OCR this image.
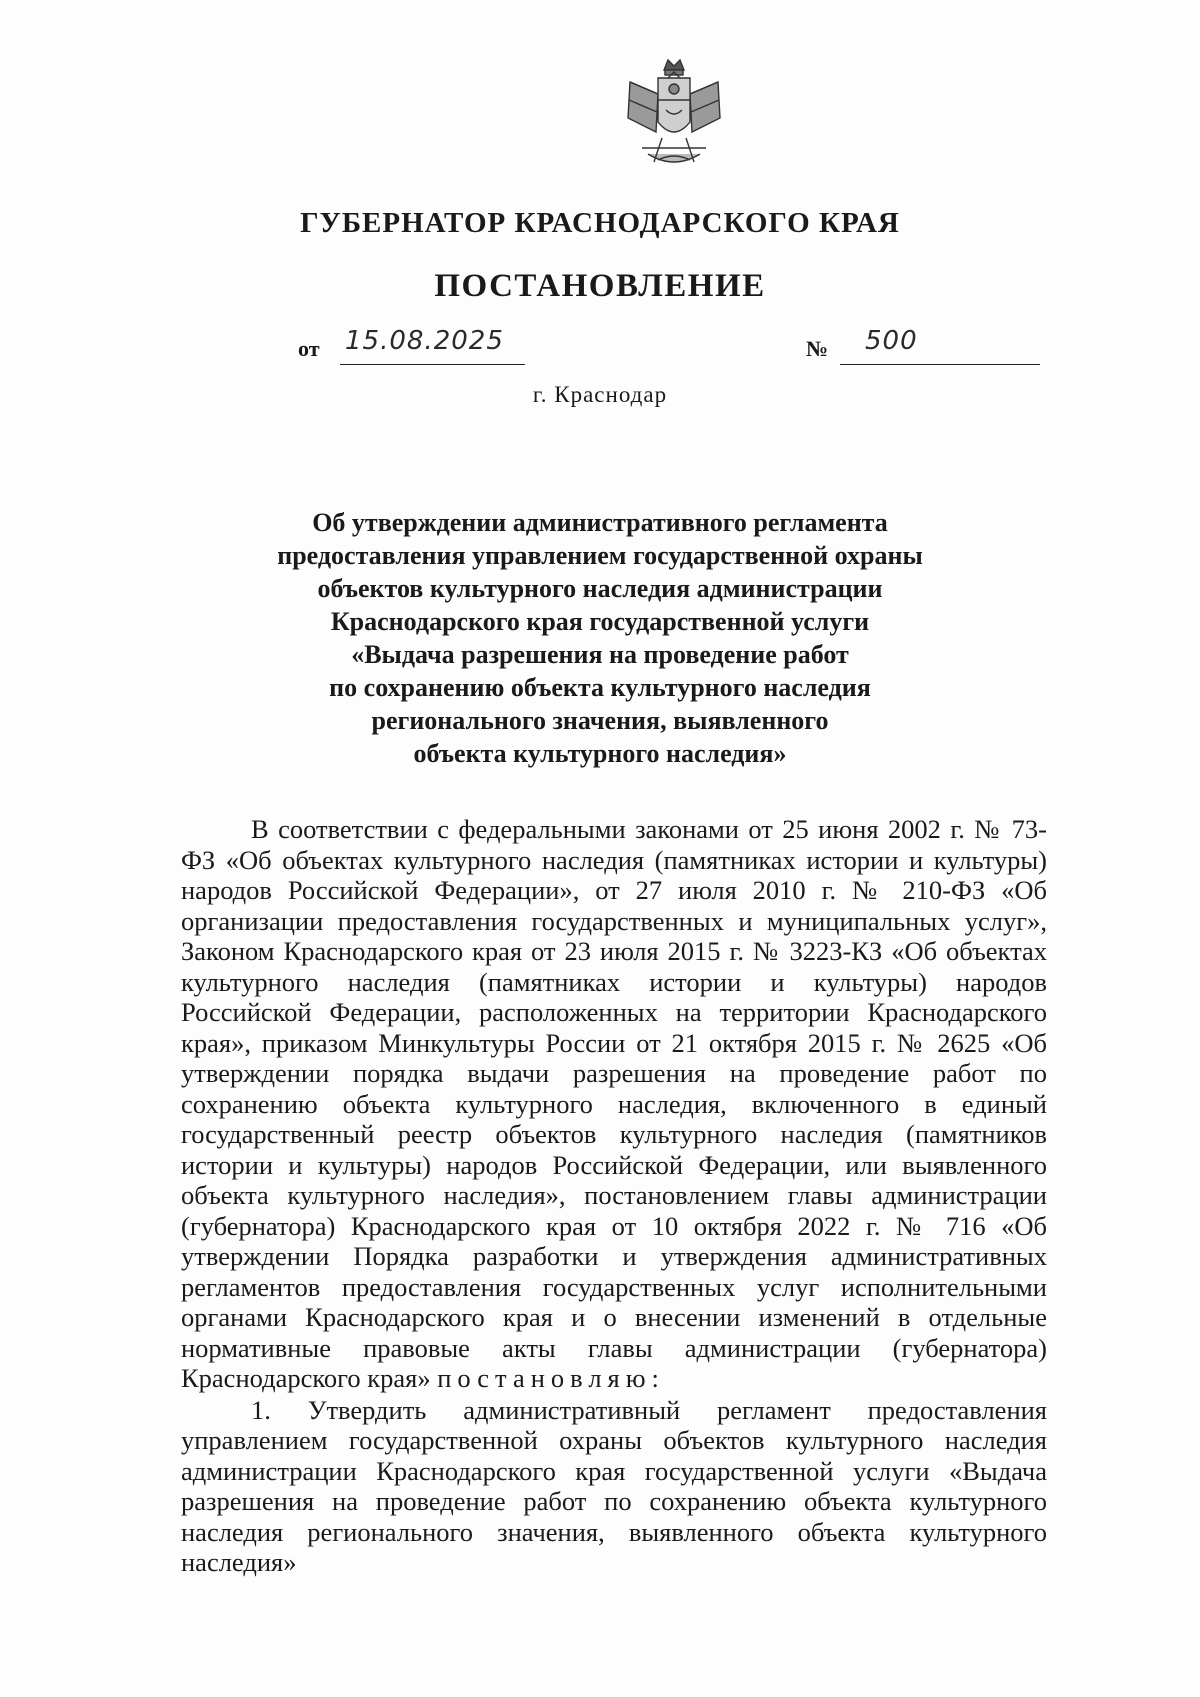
ГУБЕРНАТОР КРАСНОДАРСКОГО КРАЯ
ПОСТАНОВЛЕНИЕ
от 15.08.2025	№ 500
г. Краснодар
Об утверждении административного регламента
предоставления управлением государственной охраны
объектов культурного наследия администрации
Краснодарского края государственной услуги
«Выдача разрешения на проведение работ
по сохранению объекта культурного наследия
регионального значения, выявленного
объекта культурного наследия»

В соответствии с федеральными законами от 25 июня 2002 г. № 73-ФЗ «Об объектах культурного наследия (памятниках истории и культуры) народов Российской Федерации», от 27 июля 2010 г. № 210-ФЗ «Об организации предоставления государственных и муниципальных услуг», Законом Краснодарского края от 23 июля 2015 г. № 3223-КЗ «Об объектах культурного наследия (памятниках истории и культуры) народов Российской Федерации, расположенных на территории Краснодарского края», приказом Минкультуры России от 21 октября 2015 г. № 2625 «Об утверждении порядка выдачи разрешения на проведение работ по сохранению объекта культурного наследия, включенного в единый государственный реестр объектов культурного наследия (памятников истории и культуры) народов Российской Федерации, или выявленного объекта культурного наследия», постановлением главы администрации (губернатора) Краснодарского края от 10 октября 2022 г. № 716 «Об утверждении Порядка разработки и утверждения административных регламентов предоставления государственных услуг исполнительными органами Краснодарского края и о внесении изменений в отдельные нормативные правовые акты главы администрации (губернатора) Краснодарского края» постановляю:

1. Утвердить административный регламент предоставления управлением государственной охраны объектов культурного наследия администрации Краснодарского края государственной услуги «Выдача разрешения на проведение работ по сохранению объекта культурного наследия регионального значения, выявленного объекта культурного наследия»
